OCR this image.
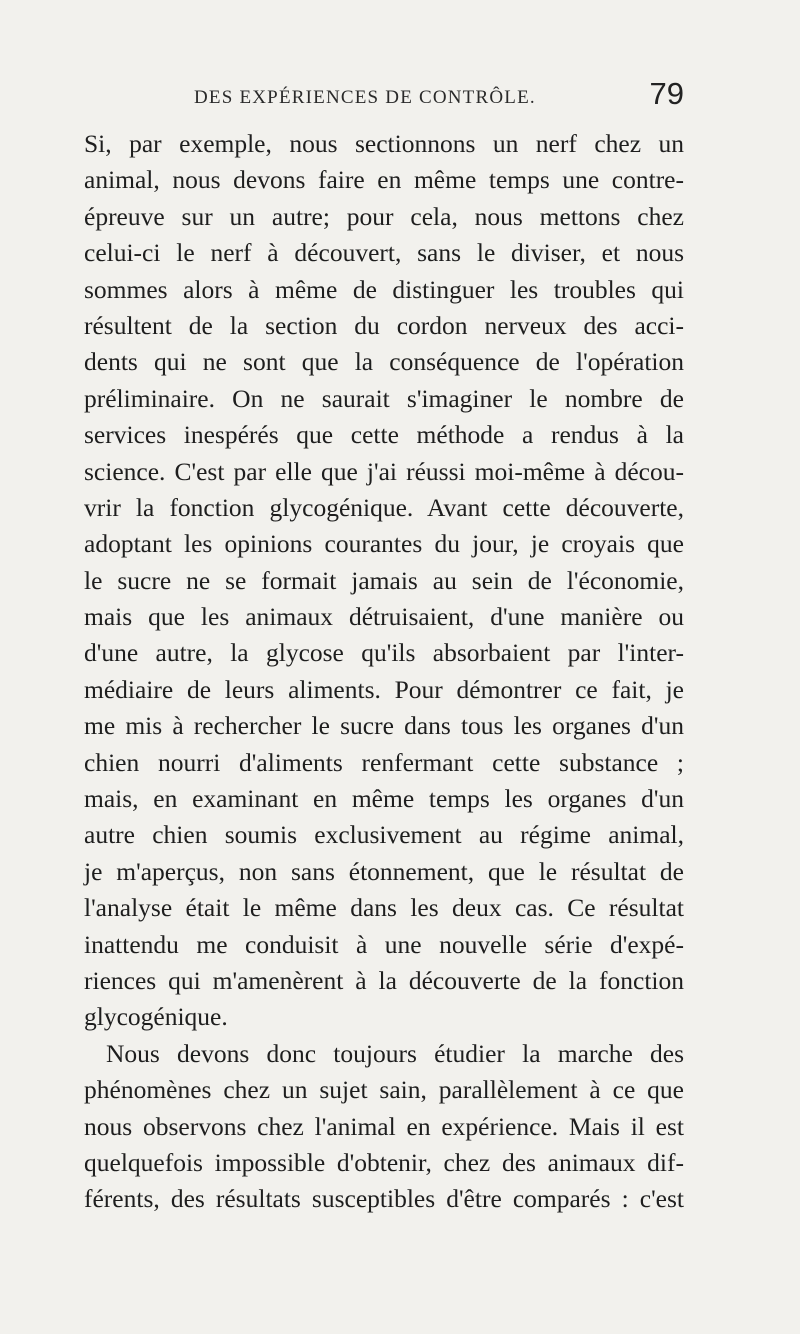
DES EXPÉRIENCES DE CONTRÔLE.	79
Si, par exemple, nous sectionnons un nerf chez un
animal, nous devons faire en même temps une contre-
épreuve sur un autre; pour cela, nous mettons chez
celui-ci le nerf à découvert, sans le diviser, et nous
sommes alors à même de distinguer les troubles qui
résultent de la section du cordon nerveux des acci-
dents qui ne sont que la conséquence de l'opération
préliminaire. On ne saurait s'imaginer le nombre de
services inespérés que cette méthode a rendus à la
science. C'est par elle que j'ai réussi moi-même à décou-
vrir la fonction glycogénique. Avant cette découverte,
adoptant les opinions courantes du jour, je croyais que
le sucre ne se formait jamais au sein de l'économie,
mais que les animaux détruisaient, d'une manière ou
d'une autre, la glycose qu'ils absorbaient par l'inter-
médiaire de leurs aliments. Pour démontrer ce fait, je
me mis à rechercher le sucre dans tous les organes d'un
chien nourri d'aliments renfermant cette substance ;
mais, en examinant en même temps les organes d'un
autre chien soumis exclusivement au régime animal,
je m'aperçus, non sans étonnement, que le résultat de
l'analyse était le même dans les deux cas. Ce résultat
inattendu me conduisit à une nouvelle série d'expé-
riences qui m'amenèrent à la découverte de la fonction
glycogénique.
Nous devons donc toujours étudier la marche des
phénomènes chez un sujet sain, parallèlement à ce que
nous observons chez l'animal en expérience. Mais il est
quelquefois impossible d'obtenir, chez des animaux dif-
férents, des résultats susceptibles d'être comparés : c'est
